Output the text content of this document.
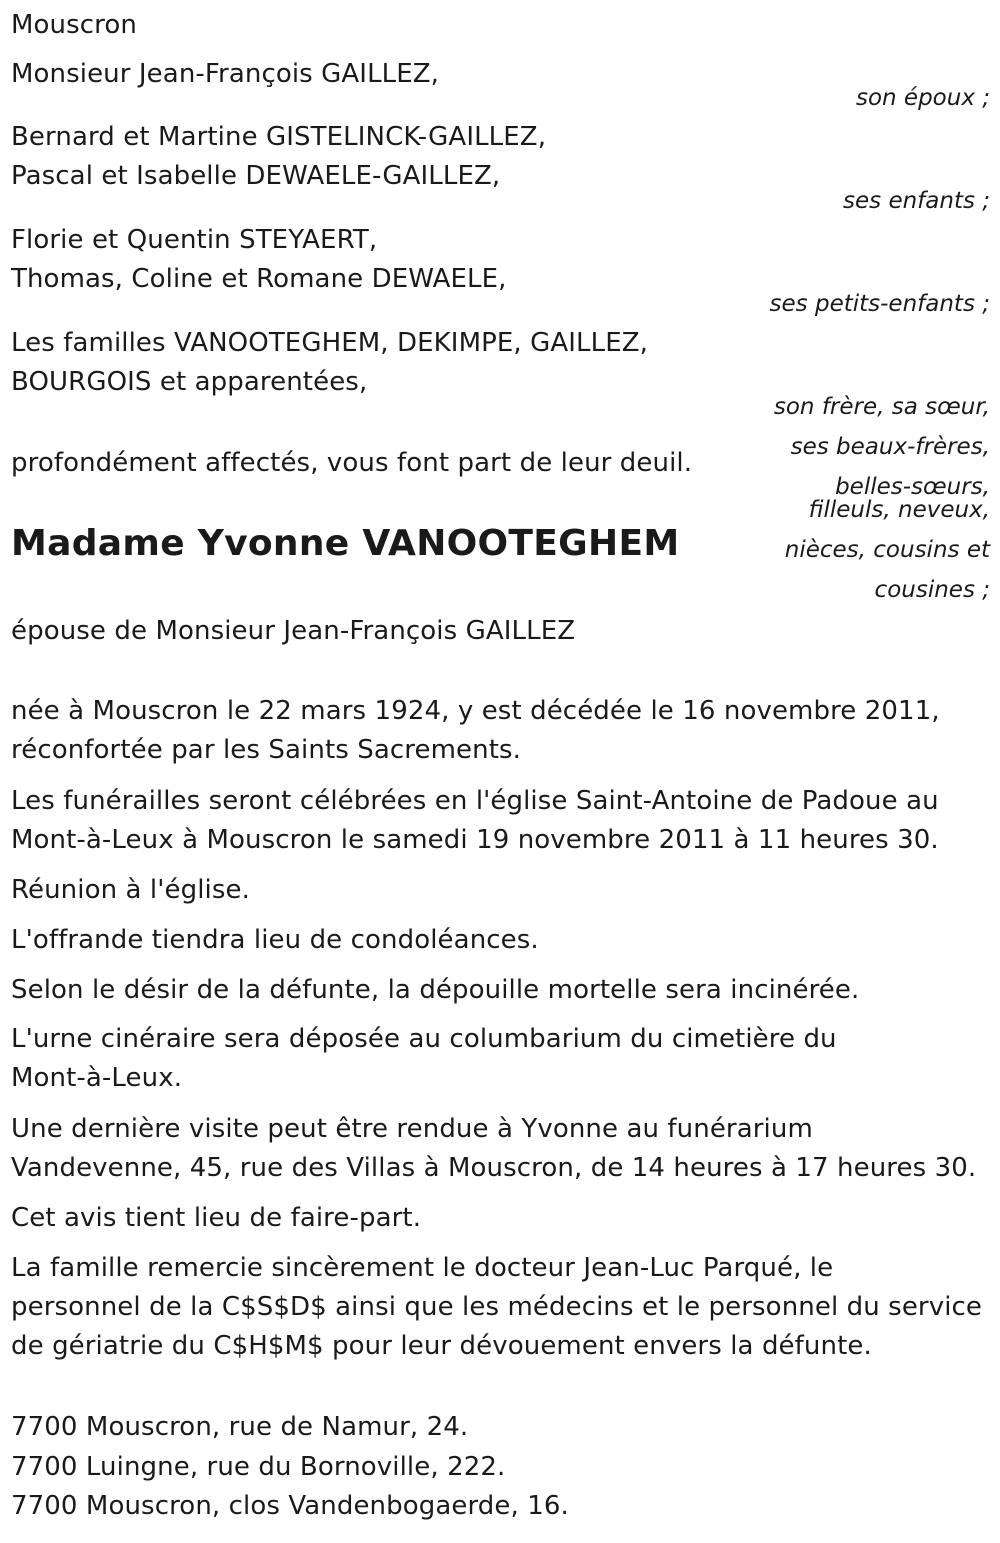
Mouscron

Monsieur Jean-François GAILLEZ,

son époux ;

Bernard et Martine GISTELINCK-GAILLEZ,

Pascal et Isabelle DEWAELE-GAILLEZ,

ses enfants ;

Florie et Quentin STEYAERT,

Thomas, Coline et Romane DEWAELE,

ses petits-enfants ;

Les familles VANOOTEGHEM, DEKIMPE, GAILLEZ,

BOURGOIS et apparentées,

son frère, sa sœur,

ses beaux-frères,

belles-sœurs,

filleuls, neveux,

nièces, cousins et

cousines ;

profondément affectés, vous font part de leur deuil.

Madame Yvonne VANOOTEGHEM

épouse de Monsieur Jean-François GAILLEZ

née à Mouscron le 22 mars 1924, y est décédée le 16 novembre 2011,

réconfortée par les Saints Sacrements.

Les funérailles seront célébrées en l'église Saint-Antoine de Padoue au

Mont-à-Leux à Mouscron le samedi 19 novembre 2011 à 11 heures 30.

Réunion à l'église.

L'offrande tiendra lieu de condoléances.

Selon le désir de la défunte, la dépouille mortelle sera incinérée.

L'urne cinéraire sera déposée au columbarium du cimetière du

Mont-à-Leux.

Une dernière visite peut être rendue à Yvonne au funérarium

Vandevenne, 45, rue des Villas à Mouscron, de 14 heures à 17 heures 30.

Cet avis tient lieu de faire-part.

La famille remercie sincèrement le docteur Jean-Luc Parqué, le

personnel de la C$S$D$ ainsi que les médecins et le personnel du service

de gériatrie du C$H$M$ pour leur dévouement envers la défunte.

7700 Mouscron, rue de Namur, 24.

7700 Luingne, rue du Bornoville, 222.

7700 Mouscron, clos Vandenbogaerde, 16.
